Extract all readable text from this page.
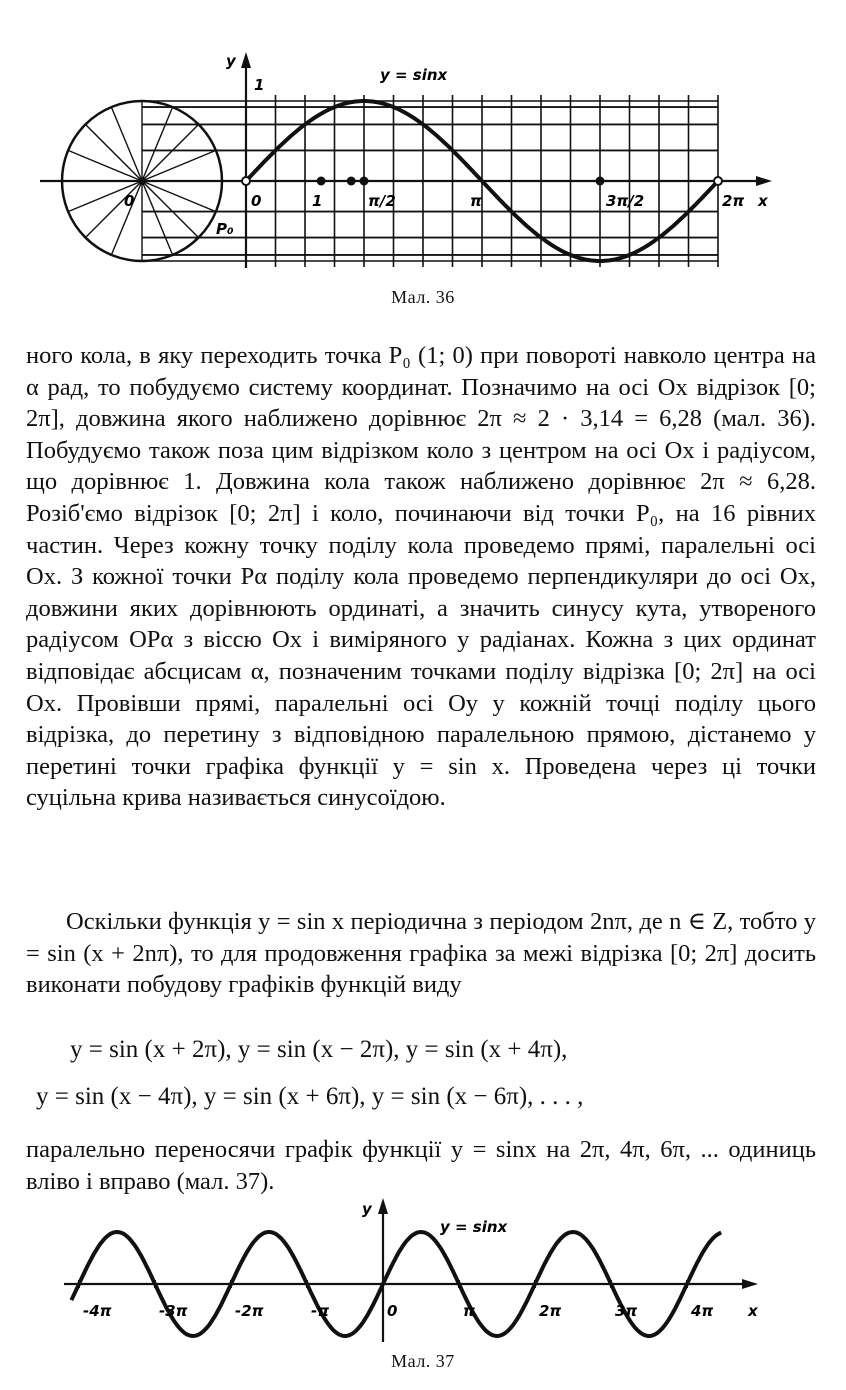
y
x
y = sinx
1
0	0	1	π/2	π	3π/2	2π
P₀
Мал. 36
ного кола, в яку переходить точка P₀ (1; 0) при повороті навколо центра на α рад, то побудуємо систему координат. Позначимо на осі Ox відрізок [0; 2π], довжина якого наближено дорівнює 2π ≈ 2 · 3,14 = 6,28 (мал. 36). Побудуємо також поза цим відрізком коло з центром на осі Ox і радіусом, що дорівнює 1. Довжина кола також наближено дорівнює 2π ≈ 6,28. Розіб'ємо відрізок [0; 2π] і коло, починаючи від точки P₀, на 16 рівних частин. Через кожну точку поділу кола проведемо прямі, паралельні осі Ox. З кожної точки Pα поділу кола проведемо перпендикуляри до осі Ox, довжини яких дорівнюють ординаті, а значить синусу кута, утвореного радіусом OPα з віссю Ox і виміряного у радіанах. Кожна з цих ординат відповідає абсцисам α, позначеним точками поділу відрізка [0; 2π] на осі Ox. Провівши прямі, паралельні осі Oy у кожній точці поділу цього відрізка, до перетину з відповідною паралельною прямою, дістанемо у перетині точки графіка функції y = sin x. Проведена через ці точки суцільна крива називається синусоїдою.
Оскільки функція y = sin x періодична з періодом 2nπ, де n ∈ Z, тобто y = sin (x + 2nπ), то для продовження графіка за межі відрізка [0; 2π] досить виконати побудову графіків функцій виду
y = sin (x + 2π), y = sin (x − 2π), y = sin (x + 4π),
y = sin (x − 4π), y = sin (x + 6π), y = sin (x − 6π), . . . ,
паралельно переносячи графік функції y = sinx на 2π, 4π, 6π, ... одиниць вліво і вправо (мал. 37).
-4π	-3π	-2π	-π	0	π	2π	3π	4π
y
x
y = sinx
Мал. 37
